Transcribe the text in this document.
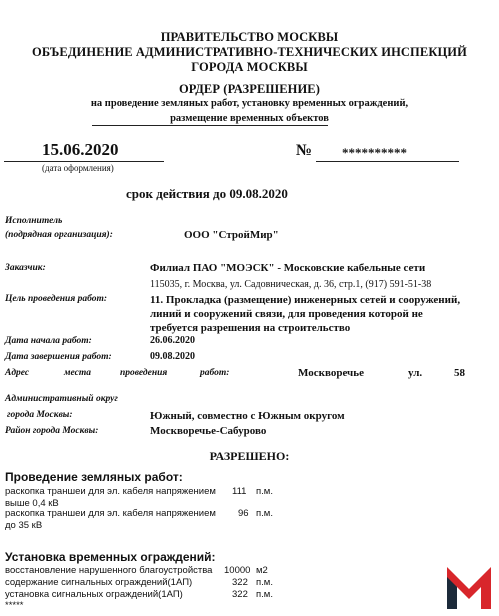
ПРАВИТЕЛЬСТВО МОСКВЫ
ОБЪЕДИНЕНИЕ АДМИНИСТРАТИВНО-ТЕХНИЧЕСКИХ ИНСПЕКЦИЙ
ГОРОДА МОСКВЫ
ОРДЕР (РАЗРЕШЕНИЕ)
на проведение земляных работ, установку временных ограждений,
размещение временных объектов
15.06.2020
(дата оформления)
№ **********
срок действия до 09.08.2020
Исполнитель
(подрядная организация):	ООО "СтройМир"
Заказчик:	Филиал ПАО "МОЭСК" - Московские кабельные сети
115035, г. Москва, ул. Садовническая, д. 36, стр.1, (917) 591-51-38
Цель проведения работ:	11. Прокладка (размещение) инженерных сетей и сооружений,
линий и сооружений связи, для проведения которой не
требуется разрешения на строительство
Дата начала работ:	26.06.2020
Дата завершения работ:	09.08.2020
Адрес	места	проведения	работ:	Москворечье	ул.	58
Административный округ
города Москвы:	Южный, совместно с Южным округом
Район города Москвы:	Москворечье-Сабурово
РАЗРЕШЕНО:
Проведение земляных работ:
раскопка траншеи для эл. кабеля напряжением
выше 0,4 кВ
111 п.м.
раскопка траншеи для эл. кабеля напряжением
до 35 кВ
96 п.м.
Установка временных ограждений:
восстановление нарушенного благоустройства 10000 м2
содержание сигнальных ограждений(1АП)	322 п.м.
установка сигнальных ограждений(1АП)	322 п.м.
*****
